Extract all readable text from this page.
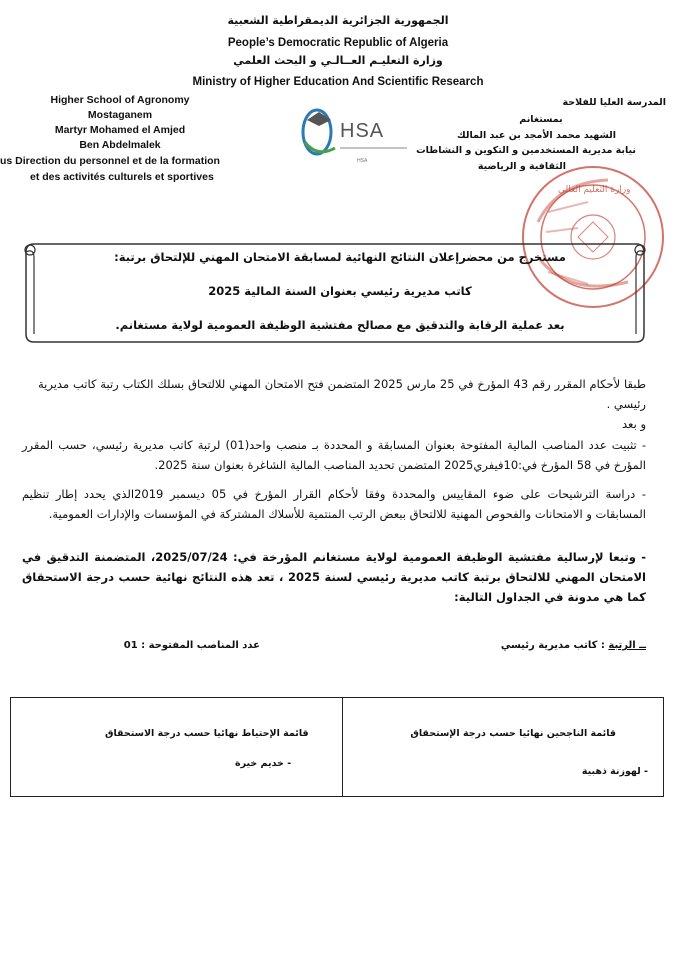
الجمهورية الجزائرية الديمقراطية الشعبية
People’s Democratic Republic of Algeria
وزارة التعليـم العــالـي و البحث العلمي
Ministry of Higher Education And Scientific Research
Higher School of Agronomy
Mostaganem
Martyr Mohamed el Amjed
Ben Abdelmalek
us Direction du personnel et de la formation
et des activités culturels et sportives
المدرسة العليا للفلاحة
بمستغانم
الشهيد محمد الأمجد بن عبد المالك
نيابة مديرية المستخدمين و التكوين و النشاطات
الثقافية و الرياضية
HSA
HSA
وزارة التعليم العالي
مستخرج من محضرإعلان النتائج النهائية لمسابقة الامتحان المهني للإلتحاق برتبة:
كاتب مديرية رئيسي بعنوان السنة المالية 2025
بعد عملية الرقابة والتدقيق مع مصالح مفتشية الوظيفة العمومية لولاية مستغانم.
طبقا لأحكام المقرر رقم 43 المؤرخ في 25 مارس 2025 المتضمن فتح الامتحان المهني للالتحاق بسلك الكتاب رتبة كاتب مديرية رئيسي .
و بعد
- تثبيت عدد المناصب المالية المفتوحة بعنوان المسابقة و المحددة بـ منصب واحد(01) لرتبة كاتب مديرية رئيسي، حسب المقرر المؤرخ في 58 المؤرخ في:10فيفري2025 المتضمن تحديد المناصب المالية الشاغرة بعنوان سنة 2025.
- دراسة الترشيحات على ضوء المقاييس والمحددة وفقا لأحكام القرار المؤرخ في 05 ديسمبر 2019الذي يحدد إطار تنظيم المسابقات و الامتحانات والفحوص المهنية للالتحاق ببعض الرتب المنتمية للأسلاك المشتركة في المؤسسات والإدارات العمومية.
- وتبعا لإرسالية مفتشية الوظيفة العمومية لولاية مستغانم المؤرخة في: 2025/07/24، المتضمنة التدقيق في الامتحان المهني للالتحاق برتبة كاتب مديرية رئيسي لسنة 2025 ، تعد هذه النتائج نهائية حسب درجة الاستحقاق كما هي مدونة في الجداول التالية:
ــ الرتبة : كاتب مديرية رئيسي
عدد المناصب المفتوحة : 01
قائمة الناجحين نهائيا حسب درجة الإستحقاق
قائمة الإحتياط نهائيا حسب درجة الاستحقاق
- لهوزنة ذهبية
- خديم خيرة
